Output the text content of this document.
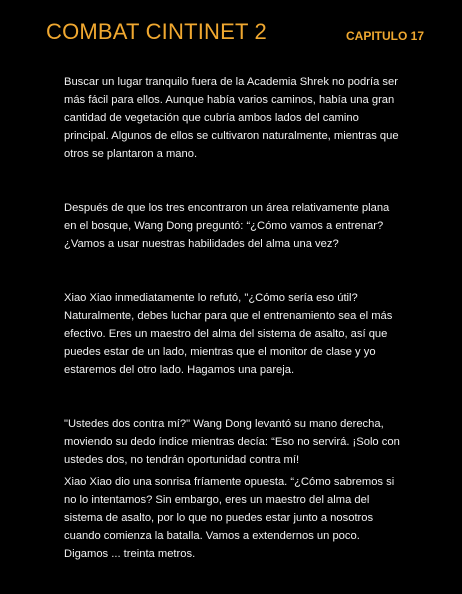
COMBAT CINTINET 2	CAPITULO 17

Buscar un lugar tranquilo fuera de la Academia Shrek no podría ser más fácil para ellos. Aunque había varios caminos, había una gran cantidad de vegetación que cubría ambos lados del camino principal. Algunos de ellos se cultivaron naturalmente, mientras que otros se plantaron a mano.

Después de que los tres encontraron un área relativamente plana en el bosque, Wang Dong preguntó: “¿Cómo vamos a entrenar? ¿Vamos a usar nuestras habilidades del alma una vez?

Xiao Xiao inmediatamente lo refutó, "¿Cómo sería eso útil? Naturalmente, debes luchar para que el entrenamiento sea el más efectivo. Eres un maestro del alma del sistema de asalto, así que puedes estar de un lado, mientras que el monitor de clase y yo estaremos del otro lado. Hagamos una pareja.

"Ustedes dos contra mí?" Wang Dong levantó su mano derecha, moviendo su dedo índice mientras decía: “Eso no servirá. ¡Solo con ustedes dos, no tendrán oportunidad contra mí!

Xiao Xiao dio una sonrisa fríamente opuesta. “¿Cómo sabremos si no lo intentamos? Sin embargo, eres un maestro del alma del sistema de asalto, por lo que no puedes estar junto a nosotros cuando comienza la batalla. Vamos a extendernos un poco. Digamos ... treinta metros.
